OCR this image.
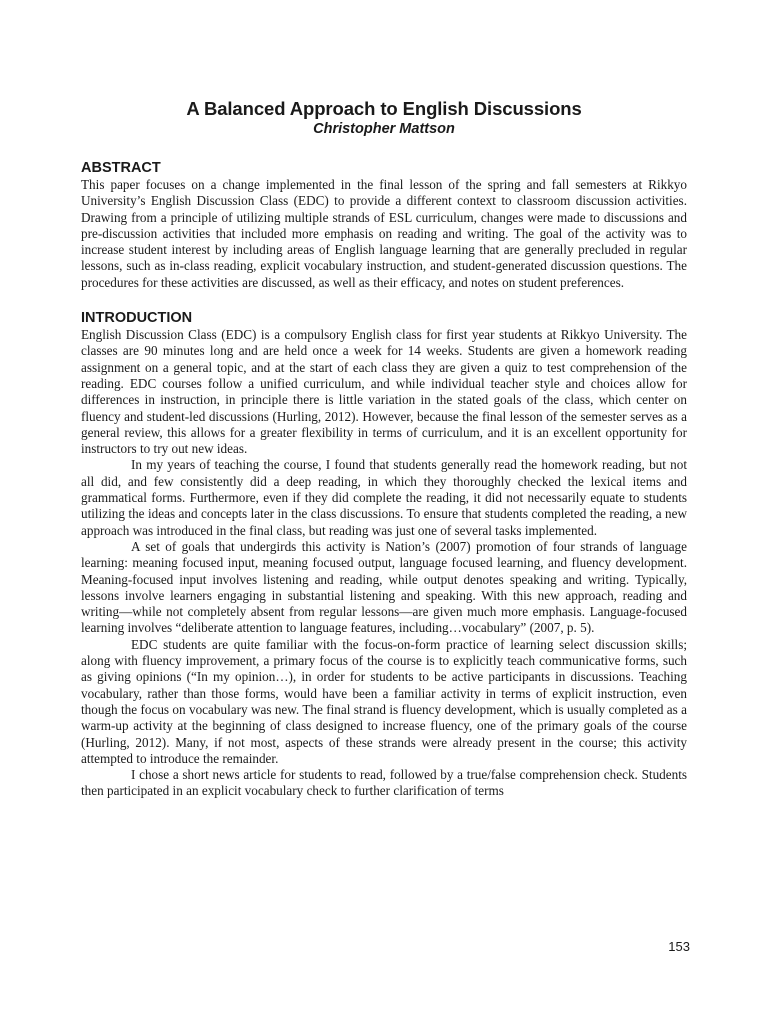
A Balanced Approach to English Discussions

Christopher Mattson

ABSTRACT

This paper focuses on a change implemented in the final lesson of the spring and fall semesters at Rikkyo University’s English Discussion Class (EDC) to provide a different context to classroom discussion activities. Drawing from a principle of utilizing multiple strands of ESL curriculum, changes were made to discussions and pre-discussion activities that included more emphasis on reading and writing. The goal of the activity was to increase student interest by including areas of English language learning that are generally precluded in regular lessons, such as in-class reading, explicit vocabulary instruction, and student-generated discussion questions. The procedures for these activities are discussed, as well as their efficacy, and notes on student preferences.

INTRODUCTION

English Discussion Class (EDC) is a compulsory English class for first year students at Rikkyo University. The classes are 90 minutes long and are held once a week for 14 weeks. Students are given a homework reading assignment on a general topic, and at the start of each class they are given a quiz to test comprehension of the reading. EDC courses follow a unified curriculum, and while individual teacher style and choices allow for differences in instruction, in principle there is little variation in the stated goals of the class, which center on fluency and student-led discussions (Hurling, 2012). However, because the final lesson of the semester serves as a general review, this allows for a greater flexibility in terms of curriculum, and it is an excellent opportunity for instructors to try out new ideas.

In my years of teaching the course, I found that students generally read the homework reading, but not all did, and few consistently did a deep reading, in which they thoroughly checked the lexical items and grammatical forms. Furthermore, even if they did complete the reading, it did not necessarily equate to students utilizing the ideas and concepts later in the class discussions. To ensure that students completed the reading, a new approach was introduced in the final class, but reading was just one of several tasks implemented.

A set of goals that undergirds this activity is Nation’s (2007) promotion of four strands of language learning: meaning focused input, meaning focused output, language focused learning, and fluency development. Meaning-focused input involves listening and reading, while output denotes speaking and writing. Typically, lessons involve learners engaging in substantial listening and speaking. With this new approach, reading and writing—while not completely absent from regular lessons—are given much more emphasis. Language-focused learning involves “deliberate attention to language features, including…vocabulary” (2007, p. 5).

EDC students are quite familiar with the focus-on-form practice of learning select discussion skills; along with fluency improvement, a primary focus of the course is to explicitly teach communicative forms, such as giving opinions (“In my opinion…), in order for students to be active participants in discussions. Teaching vocabulary, rather than those forms, would have been a familiar activity in terms of explicit instruction, even though the focus on vocabulary was new. The final strand is fluency development, which is usually completed as a warm-up activity at the beginning of class designed to increase fluency, one of the primary goals of the course (Hurling, 2012). Many, if not most, aspects of these strands were already present in the course; this activity attempted to introduce the remainder.

I chose a short news article for students to read, followed by a true/false comprehension check. Students then participated in an explicit vocabulary check to further clarification of terms

153
